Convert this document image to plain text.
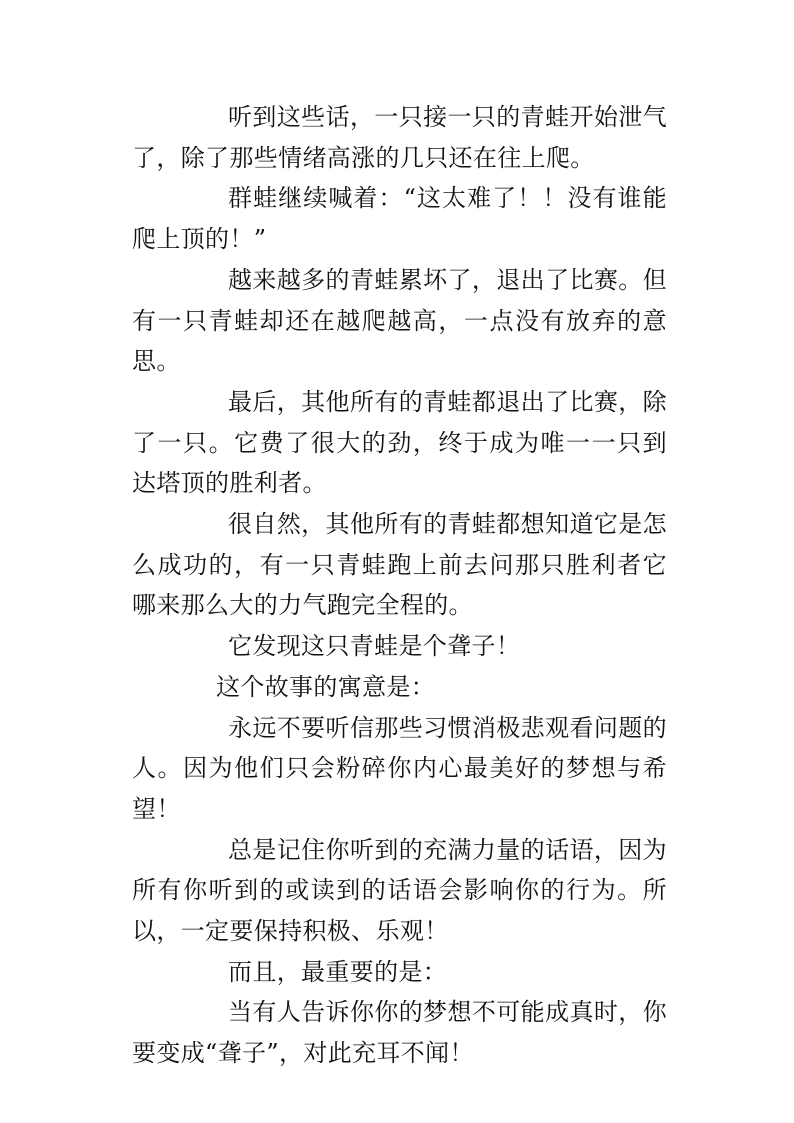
听到这些话，一只接一只的青蛙开始泄气了，除了那些情绪高涨的几只还在往上爬。

群蛙继续喊着：“这太难了！！没有谁能爬上顶的！”

越来越多的青蛙累坏了，退出了比赛。但有一只青蛙却还在越爬越高，一点没有放弃的意思。

最后，其他所有的青蛙都退出了比赛，除了一只。它费了很大的劲，终于成为唯一一只到达塔顶的胜利者。

很自然，其他所有的青蛙都想知道它是怎么成功的，有一只青蛙跑上前去问那只胜利者它哪来那么大的力气跑完全程的。

它发现这只青蛙是个聋子！

这个故事的寓意是：

永远不要听信那些习惯消极悲观看问题的人。因为他们只会粉碎你内心最美好的梦想与希望！

总是记住你听到的充满力量的话语，因为所有你听到的或读到的话语会影响你的行为。所以，一定要保持积极、乐观！

而且，最重要的是：

当有人告诉你你的梦想不可能成真时，你要变成“聋子”，对此充耳不闻！
